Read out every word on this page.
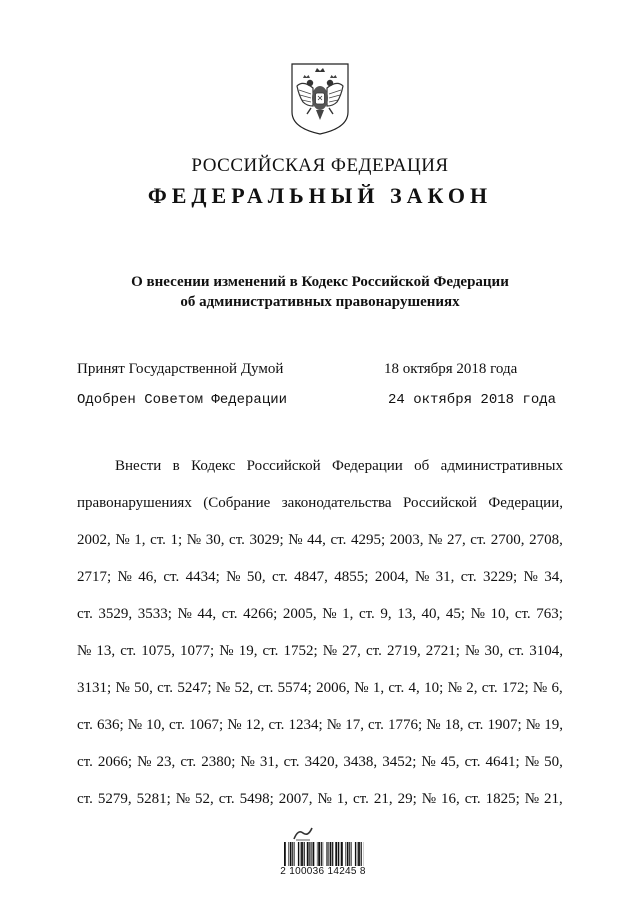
РОССИЙСКАЯ ФЕДЕРАЦИЯ
ФЕДЕРАЛЬНЫЙ ЗАКОН
О внесении изменений в Кодекс Российской Федерации
об административных правонарушениях
Принят Государственной Думой	18 октября 2018 года
Одобрен Советом Федерации	24 октября 2018 года
Внести в Кодекс Российской Федерации об административных
правонарушениях (Собрание законодательства Российской Федерации,
2002, № 1, ст. 1; № 30, ст. 3029; № 44, ст. 4295; 2003, № 27, ст. 2700, 2708,
2717; № 46, ст. 4434; № 50, ст. 4847, 4855; 2004, № 31, ст. 3229; № 34,
ст. 3529, 3533; № 44, ст. 4266; 2005, № 1, ст. 9, 13, 40, 45; № 10, ст. 763;
№ 13, ст. 1075, 1077; № 19, ст. 1752; № 27, ст. 2719, 2721; № 30, ст. 3104,
3131; № 50, ст. 5247; № 52, ст. 5574; 2006, № 1, ст. 4, 10; № 2, ст. 172; № 6,
ст. 636; № 10, ст. 1067; № 12, ст. 1234; № 17, ст. 1776; № 18, ст. 1907; № 19,
ст. 2066; № 23, ст. 2380; № 31, ст. 3420, 3438, 3452; № 45, ст. 4641; № 50,
ст. 5279, 5281; № 52, ст. 5498; 2007, № 1, ст. 21, 29; № 16, ст. 1825; № 21,
2 100036 14245 8
